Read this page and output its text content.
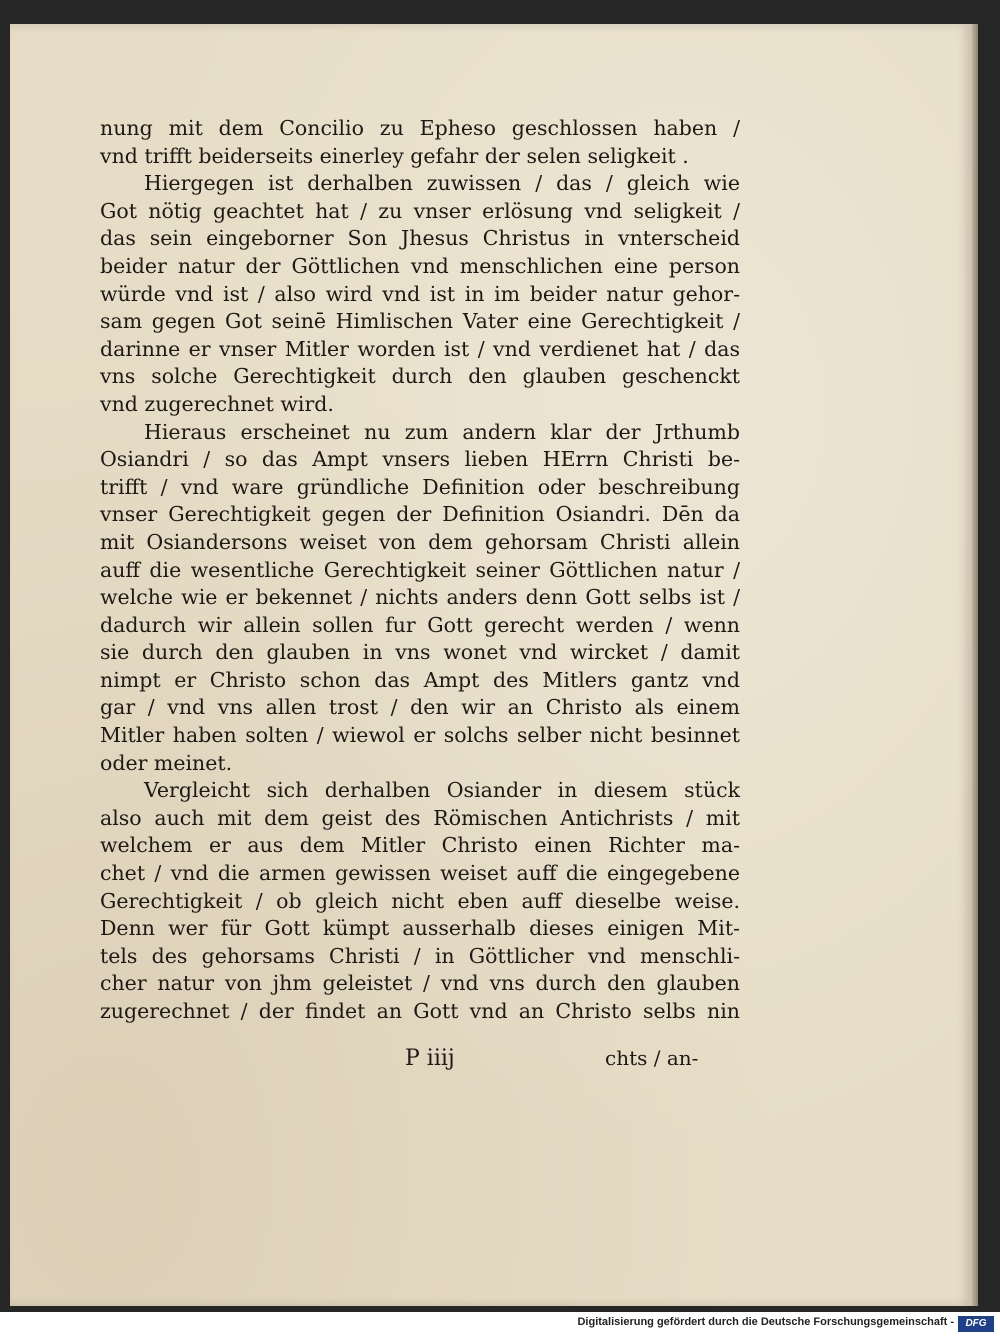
nung mit dem Concilio zu Epheso geschlossen haben /
vnd trifft beiderseits einerley gefahr der selen seligkeit .
Hiergegen ist derhalben zuwissen / das / gleich wie
Got nötig geachtet hat / zu vnser erlösung vnd seligkeit /
das sein eingeborner Son Jhesus Christus in vnterscheid
beider natur der Göttlichen vnd menschlichen eine person
würde vnd ist / also wird vnd ist in im beider natur gehor-
sam gegen Got seinē Himlischen Vater eine Gerechtigkeit /
darinne er vnser Mitler worden ist / vnd verdienet hat / das
vns solche Gerechtigkeit durch den glauben geschenckt
vnd zugerechnet wird.
Hieraus erscheinet nu zum andern klar der Jrthumb
Osiandri / so das Ampt vnsers lieben HErrn Christi be-
trifft / vnd ware gründliche Definition oder beschreibung
vnser Gerechtigkeit gegen der Definition Osiandri. Dēn da
mit Osiandersons weiset von dem gehorsam Christi allein
auff die wesentliche Gerechtigkeit seiner Göttlichen natur /
welche wie er bekennet / nichts anders denn Gott selbs ist /
dadurch wir allein sollen fur Gott gerecht werden / wenn
sie durch den glauben in vns wonet vnd wircket / damit
nimpt er Christo schon das Ampt des Mitlers gantz vnd
gar / vnd vns allen trost / den wir an Christo als einem
Mitler haben solten / wiewol er solchs selber nicht besinnet
oder meinet.
Vergleicht sich derhalben Osiander in diesem stück
also auch mit dem geist des Römischen Antichrists / mit
welchem er aus dem Mitler Christo einen Richter ma-
chet / vnd die armen gewissen weiset auff die eingegebene
Gerechtigkeit / ob gleich nicht eben auff dieselbe weise.
Denn wer für Gott kümpt ausserhalb dieses einigen Mit-
tels des gehorsams Christi / in Göttlicher vnd menschli-
cher natur von jhm geleistet / vnd vns durch den glauben
zugerechnet / der findet an Gott vnd an Christo selbs nin
P iiij	chts / an-
Digitalisierung gefördert durch die Deutsche Forschungsgemeinschaft -	DFG
